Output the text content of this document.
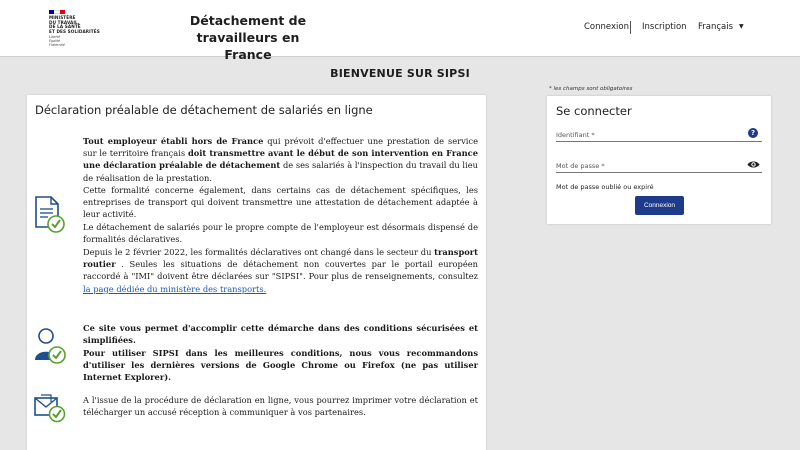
MINISTÈRE
DU TRAVAIL,
DE LA SANTÉ
ET DES SOLIDARITÉS
Liberté
Égalité
Fraternité
Détachement de travailleurs en
France
Connexion Inscription Français ▼
BIENVENUE SUR SIPSI
Déclaration préalable de détachement de salariés en ligne
Tout employeur établi hors de France qui prévoit d'effectuer une prestation de service sur le territoire français doit transmettre avant le début de son intervention en France une déclaration préalable de détachement de ses salariés à l'inspection du travail du lieu de réalisation de la prestation.
Cette formalité concerne également, dans certains cas de détachement spécifiques, les entreprises de transport qui doivent transmettre une attestation de détachement adaptée à leur activité.
Le détachement de salariés pour le propre compte de l'employeur est désormais dispensé de formalités déclaratives.
Depuis le 2 février 2022, les formalités déclaratives ont changé dans le secteur du transport routier . Seules les situations de détachement non couvertes par le portail européen raccordé à "IMI" doivent être déclarées sur "SIPSI". Pour plus de renseignements, consultez la page dédiée du ministère des transports.
Ce site vous permet d'accomplir cette démarche dans des conditions sécurisées et simplifiées.
Pour utiliser SIPSI dans les meilleures conditions, nous vous recommandons d'utiliser les dernières versions de Google Chrome ou Firefox (ne pas utiliser Internet Explorer).
A l'issue de la procédure de déclaration en ligne, vous pourrez imprimer votre déclaration et télécharger un accusé réception à communiquer à vos partenaires.
* les champs sont obligatoires
Se connecter
Identifiant *	?
Mot de passe *
Mot de passe oublié ou expiré
Connexion
